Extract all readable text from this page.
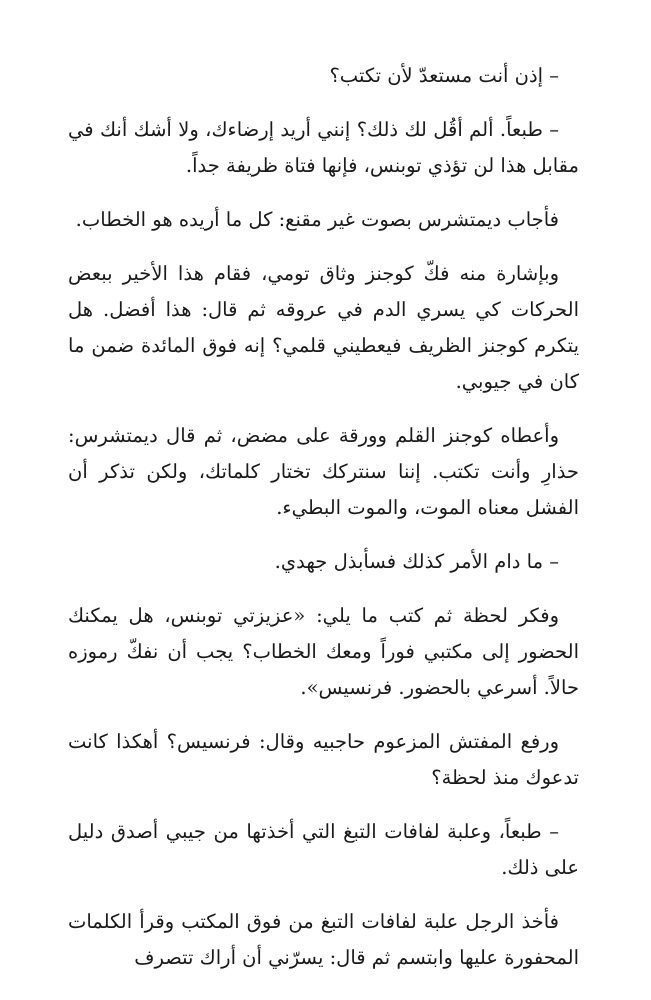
– إذن أنت مستعدّ لأن تكتب؟

– طبعاً. ألم أقُل لك ذلك؟ إنني أريد إرضاءك، ولا أشك أنك في مقابل هذا لن تؤذي توبنس، فإنها فتاة ظريفة جداً.

فأجاب ديمتشرس بصوت غير مقنع: كل ما أريده هو الخطاب.

وبإشارة منه فكّ كوجنز وثاق تومي، فقام هذا الأخير ببعض الحركات كي يسري الدم في عروقه ثم قال: هذا أفضل. هل يتكرم كوجنز الظريف فيعطيني قلمي؟ إنه فوق المائدة ضمن ما كان في جيوبي.

وأعطاه كوجنز القلم وورقة على مضض، ثم قال ديمتشرس: حذارِ وأنت تكتب. إننا سنتركك تختار كلماتك، ولكن تذكر أن الفشل معناه الموت، والموت البطيء.

– ما دام الأمر كذلك فسأبذل جهدي.

وفكر لحظة ثم كتب ما يلي: «عزيزتي توبنس، هل يمكنك الحضور إلى مكتبي فوراً ومعك الخطاب؟ يجب أن نفكّ رموزه حالاً. أسرعي بالحضور. فرنسيس».

ورفع المفتش المزعوم حاجبيه وقال: فرنسيس؟ أهكذا كانت تدعوك منذ لحظة؟

– طبعاً، وعلبة لفافات التبغ التي أخذتها من جيبي أصدق دليل على ذلك.

فأخذ الرجل علبة لفافات التبغ من فوق المكتب وقرأ الكلمات المحفورة عليها وابتسم ثم قال: يسرّني أن أراك تتصرف
